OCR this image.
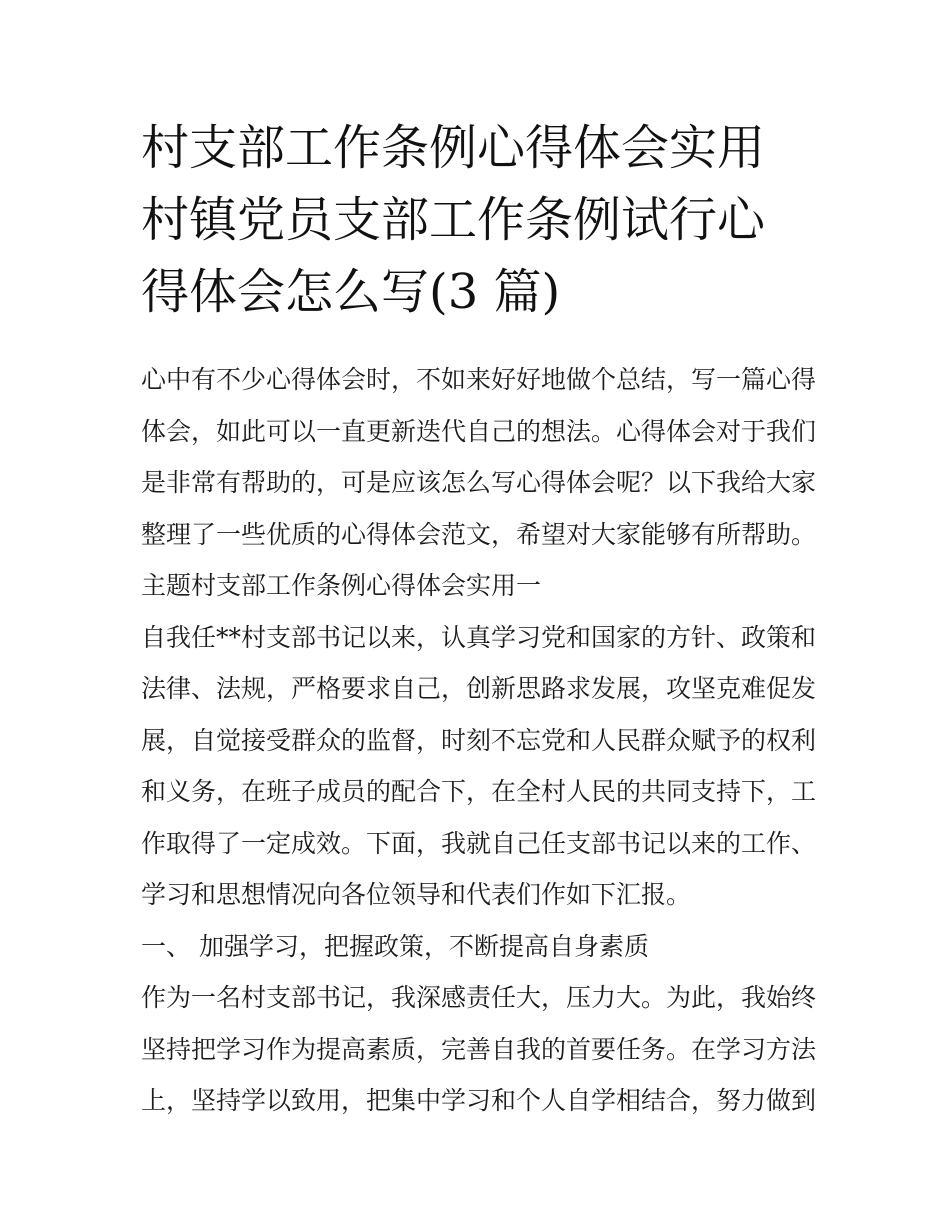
村支部工作条例心得体会实用
村镇党员支部工作条例试行心
得体会怎么写(3 篇)
心中有不少心得体会时，不如来好好地做个总结，写一篇心得
体会，如此可以一直更新迭代自己的想法。心得体会对于我们
是非常有帮助的，可是应该怎么写心得体会呢？以下我给大家
整理了一些优质的心得体会范文，希望对大家能够有所帮助。
主题村支部工作条例心得体会实用一
自我任**村支部书记以来，认真学习党和国家的方针、政策和
法律、法规，严格要求自己，创新思路求发展，攻坚克难促发
展，自觉接受群众的监督，时刻不忘党和人民群众赋予的权利
和义务，在班子成员的配合下，在全村人民的共同支持下，工
作取得了一定成效。下面，我就自己任支部书记以来的工作、
学习和思想情况向各位领导和代表们作如下汇报。
一、 加强学习，把握政策，不断提高自身素质
作为一名村支部书记，我深感责任大，压力大。为此，我始终
坚持把学习作为提高素质，完善自我的首要任务。在学习方法
上，坚持学以致用，把集中学习和个人自学相结合，努力做到
